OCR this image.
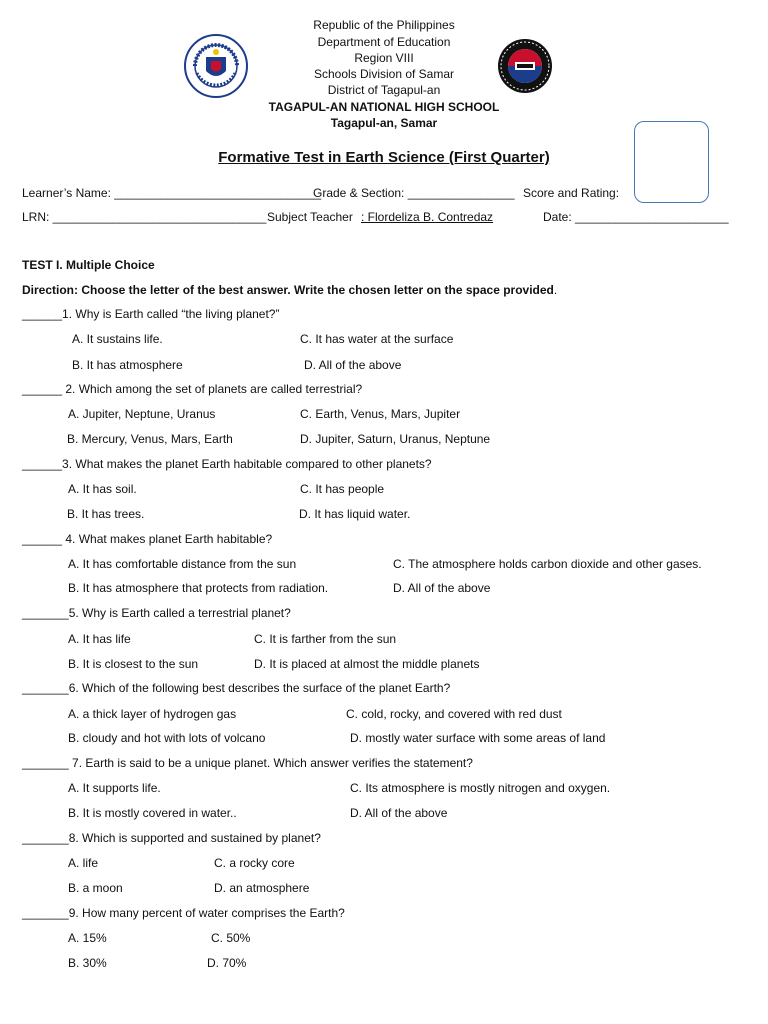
Republic of the Philippines
Department of Education
Region VIII
Schools Division of Samar
District of Tagapul-an
TAGAPUL-AN NATIONAL HIGH SCHOOL
Tagapul-an, Samar
Formative Test in Earth Science (First Quarter)
Learner’s Name: _______________________________
Grade & Section: ________________ Score and Rating:
LRN: ________________________________ Subject Teacher : Flordeliza B. Contredaz	Date: _______________________
TEST I. Multiple Choice
Direction: Choose the letter of the best answer. Write the chosen letter on the space provided.
______1. Why is Earth called “the living planet?”
A. It sustains life.	C. It has water at the surface
B. It has atmosphere	D. All of the above
______ 2. Which among the set of planets are called terrestrial?
A. Jupiter, Neptune, Uranus	C. Earth, Venus, Mars, Jupiter
B. Mercury, Venus, Mars, Earth	D. Jupiter, Saturn, Uranus, Neptune
______3. What makes the planet Earth habitable compared to other planets?
A. It has soil.	C. It has people
B. It has trees.	D. It has liquid water.
______ 4. What makes planet Earth habitable?
A. It has comfortable distance from the sun	C. The atmosphere holds carbon dioxide and other gases.
B. It has atmosphere that protects from radiation.	D. All of the above
_______5. Why is Earth called a terrestrial planet?
A. It has life	C. It is farther from the sun
B. It is closest to the sun	D. It is placed at almost the middle planets
_______6. Which of the following best describes the surface of the planet Earth?
A. a thick layer of hydrogen gas	C. cold, rocky, and covered with red dust
B. cloudy and hot with lots of volcano	D. mostly water surface with some areas of land
_______ 7. Earth is said to be a unique planet. Which answer verifies the statement?
A. It supports life.	C. Its atmosphere is mostly nitrogen and oxygen.
B. It is mostly covered in water..	D. All of the above
_______8. Which is supported and sustained by planet?
A. life	C. a rocky core
B. a moon	D. an atmosphere
_______9. How many percent of water comprises the Earth?
A. 15%	C. 50%
B. 30%	D. 70%
